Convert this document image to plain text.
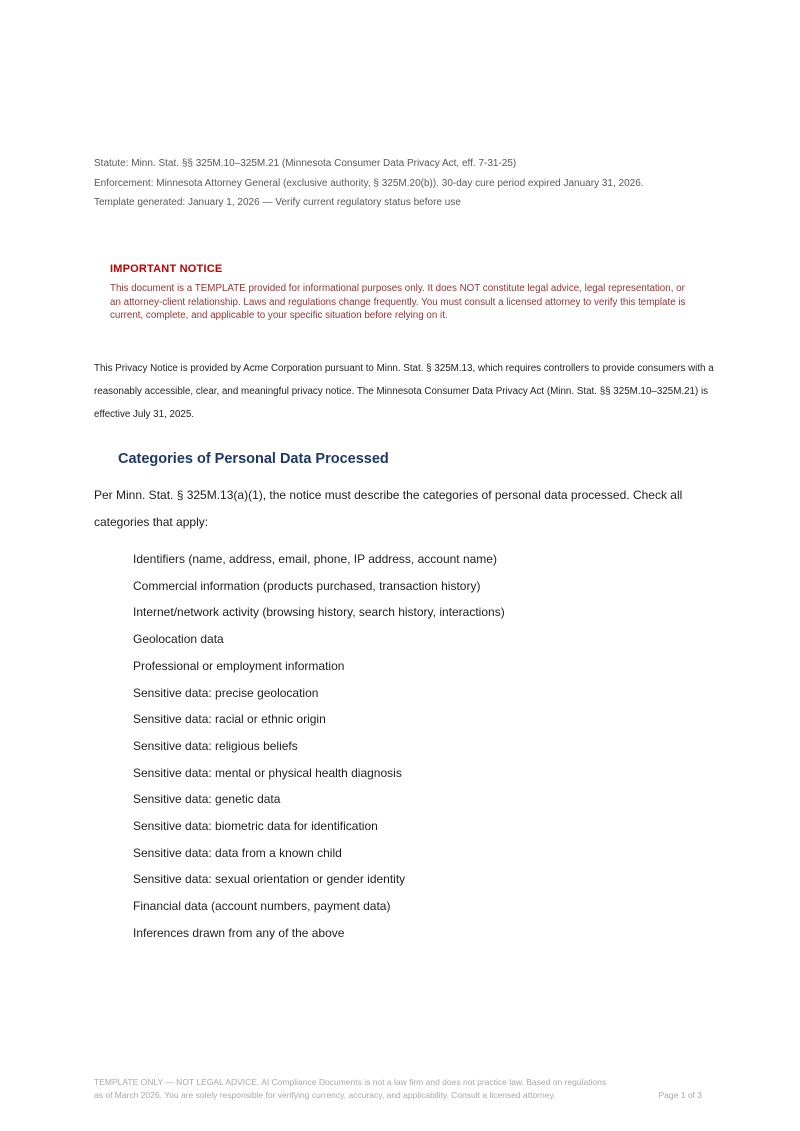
Statute: Minn. Stat. §§ 325M.10–325M.21 (Minnesota Consumer Data Privacy Act, eff. 7-31-25)
Enforcement: Minnesota Attorney General (exclusive authority, § 325M.20(b)). 30-day cure period expired January 31, 2026.
Template generated: January 1, 2026 — Verify current regulatory status before use
IMPORTANT NOTICE
This document is a TEMPLATE provided for informational purposes only. It does NOT constitute legal advice, legal representation, or an attorney-client relationship. Laws and regulations change frequently. You must consult a licensed attorney to verify this template is current, complete, and applicable to your specific situation before relying on it.
This Privacy Notice is provided by Acme Corporation pursuant to Minn. Stat. § 325M.13, which requires controllers to provide consumers with a reasonably accessible, clear, and meaningful privacy notice. The Minnesota Consumer Data Privacy Act (Minn. Stat. §§ 325M.10–325M.21) is effective July 31, 2025.
Categories of Personal Data Processed
Per Minn. Stat. § 325M.13(a)(1), the notice must describe the categories of personal data processed. Check all categories that apply:
Identifiers (name, address, email, phone, IP address, account name)
Commercial information (products purchased, transaction history)
Internet/network activity (browsing history, search history, interactions)
Geolocation data
Professional or employment information
Sensitive data: precise geolocation
Sensitive data: racial or ethnic origin
Sensitive data: religious beliefs
Sensitive data: mental or physical health diagnosis
Sensitive data: genetic data
Sensitive data: biometric data for identification
Sensitive data: data from a known child
Sensitive data: sexual orientation or gender identity
Financial data (account numbers, payment data)
Inferences drawn from any of the above
TEMPLATE ONLY — NOT LEGAL ADVICE. AI Compliance Documents is not a law firm and does not practice law. Based on regulations
as of March 2026. You are solely responsible for verifying currency, accuracy, and applicability. Consult a licensed attorney.	Page 1 of 3
